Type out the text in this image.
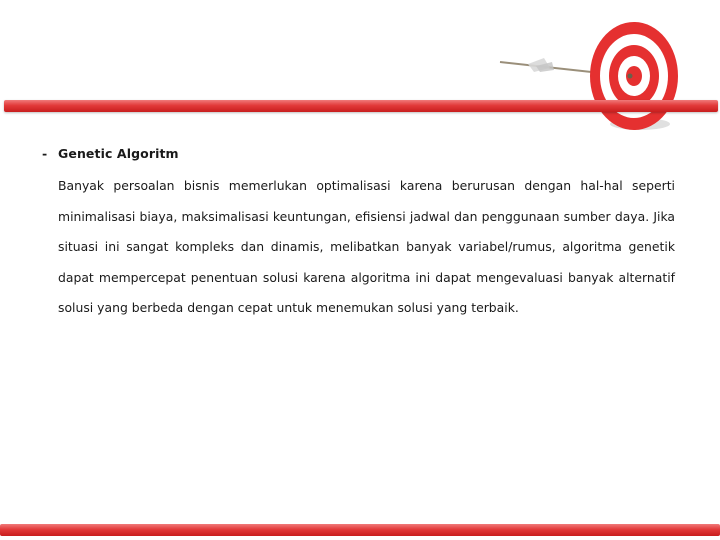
- Genetic Algoritm
Banyak persoalan bisnis memerlukan optimalisasi karena berurusan dengan hal-hal seperti minimalisasi biaya, maksimalisasi keuntungan, efisiensi jadwal dan penggunaan sumber daya. Jika situasi ini sangat kompleks dan dinamis, melibatkan banyak variabel/rumus, algoritma genetik dapat mempercepat penentuan solusi karena algoritma ini dapat mengevaluasi banyak alternatif solusi yang berbeda dengan cepat untuk menemukan solusi yang terbaik.
